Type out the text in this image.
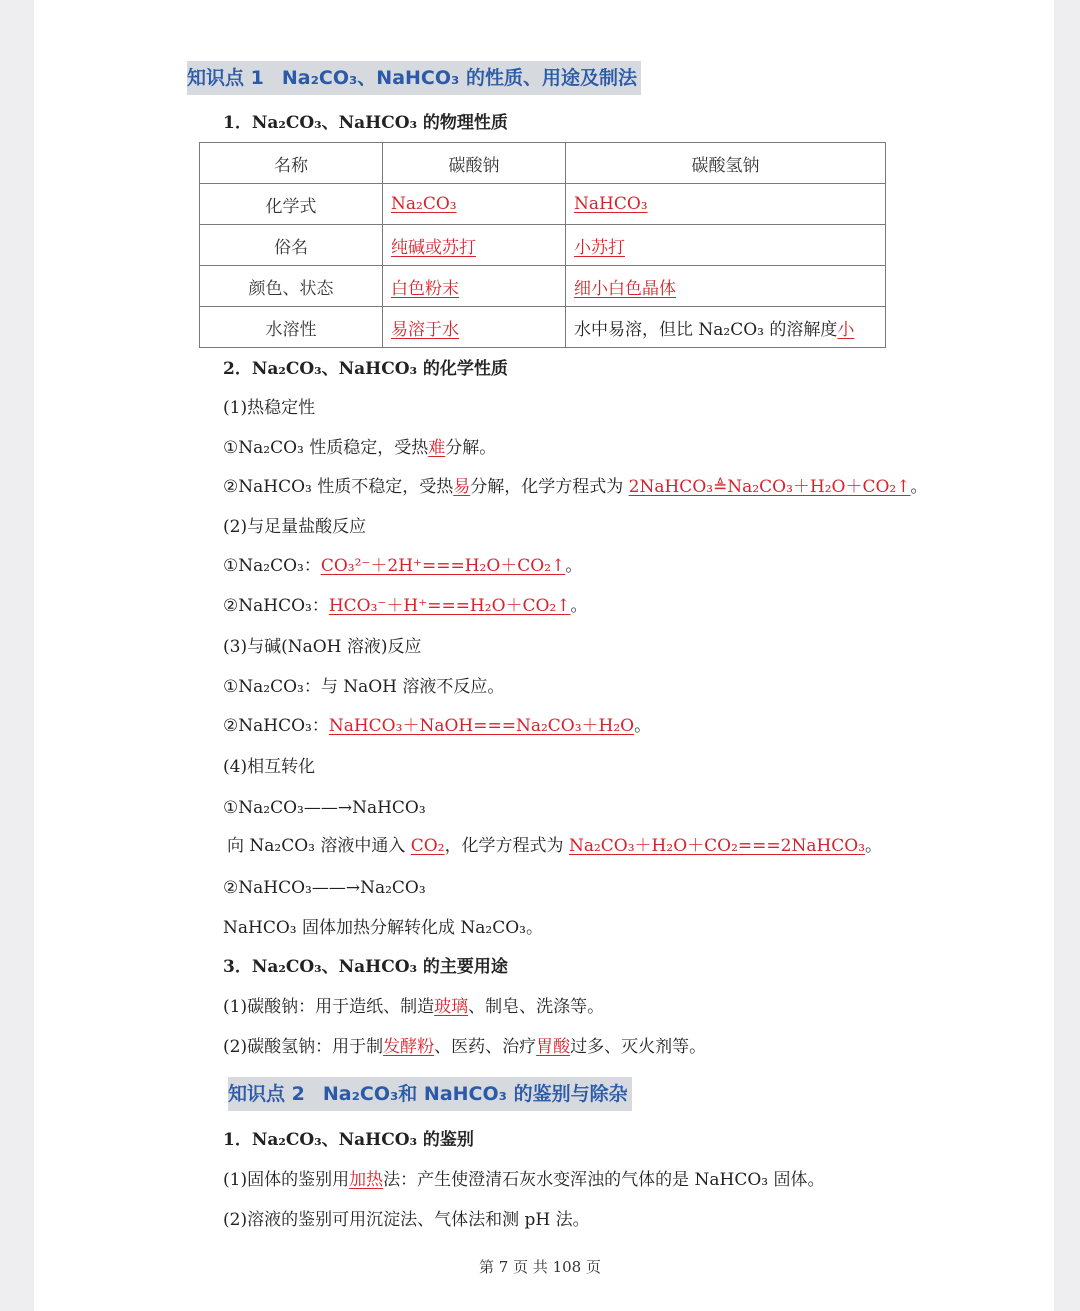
知识点 1 Na₂CO₃、NaHCO₃ 的性质、用途及制法
1．Na₂CO₃、NaHCO₃ 的物理性质
名称	碳酸钠	碳酸氢钠
化学式	Na₂CO₃	NaHCO₃
俗名	纯碱或苏打	小苏打
颜色、状态	白色粉末	细小白色晶体
水溶性	易溶于水	水中易溶，但比 Na₂CO₃ 的溶解度小
2．Na₂CO₃、NaHCO₃ 的化学性质
(1)热稳定性
①Na₂CO₃ 性质稳定，受热难分解。
②NaHCO₃ 性质不稳定，受热易分解，化学方程式为 2NaHCO₃≜Na₂CO₃＋H₂O＋CO₂↑。
(2)与足量盐酸反应
①Na₂CO₃：CO₃²⁻＋2H⁺===H₂O＋CO₂↑。
②NaHCO₃：HCO₃⁻＋H⁺===H₂O＋CO₂↑。
(3)与碱(NaOH 溶液)反应
①Na₂CO₃：与 NaOH 溶液不反应。
②NaHCO₃：NaHCO₃＋NaOH===Na₂CO₃＋H₂O。
(4)相互转化
①Na₂CO₃——→NaHCO₃
向 Na₂CO₃ 溶液中通入 CO₂，化学方程式为 Na₂CO₃＋H₂O＋CO₂===2NaHCO₃。
②NaHCO₃——→Na₂CO₃
NaHCO₃ 固体加热分解转化成 Na₂CO₃。
3．Na₂CO₃、NaHCO₃ 的主要用途
(1)碳酸钠：用于造纸、制造玻璃、制皂、洗涤等。
(2)碳酸氢钠：用于制发酵粉、医药、治疗胃酸过多、灭火剂等。
知识点 2 Na₂CO₃和 NaHCO₃ 的鉴别与除杂
1．Na₂CO₃、NaHCO₃ 的鉴别
(1)固体的鉴别用加热法：产生使澄清石灰水变浑浊的气体的是 NaHCO₃ 固体。
(2)溶液的鉴别可用沉淀法、气体法和测 pH 法。
第 7 页 共 108 页
